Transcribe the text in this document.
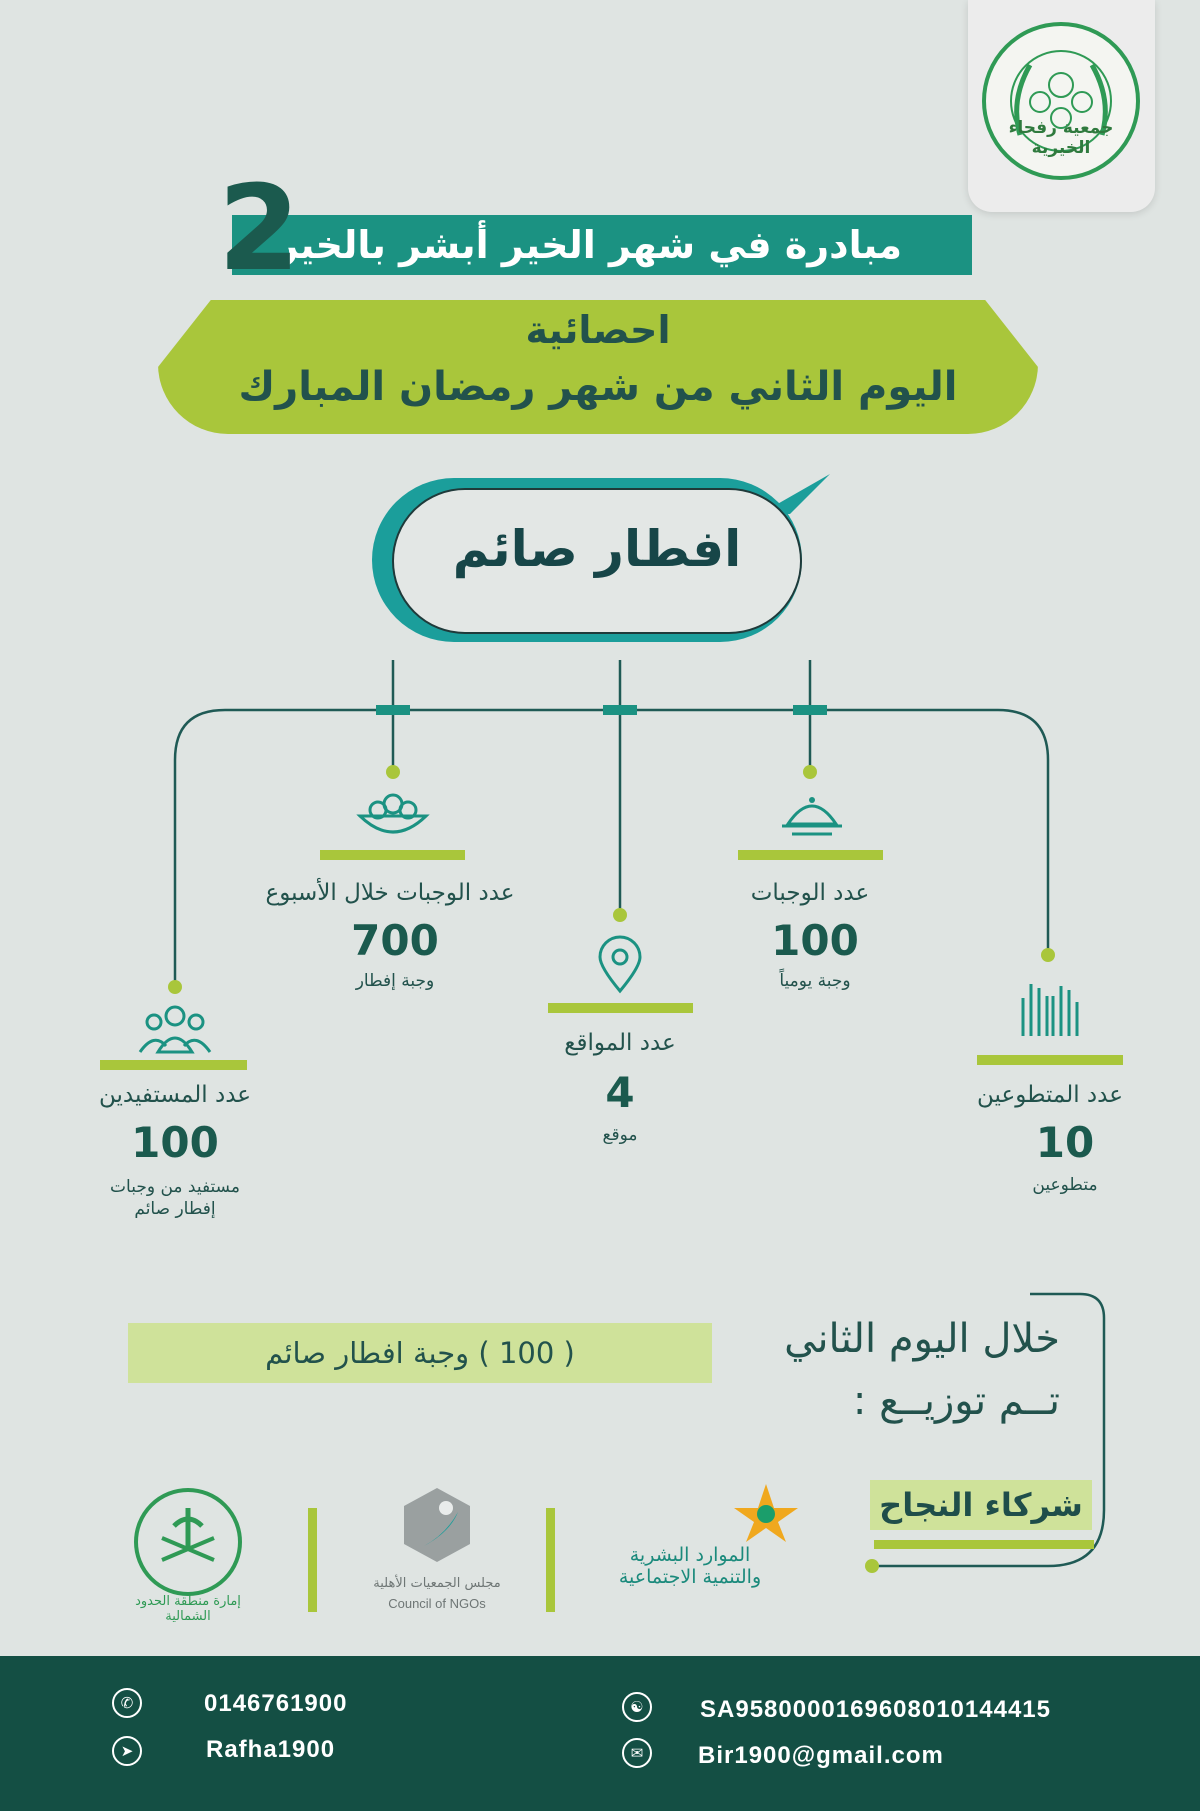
جمعية رفحاء الخيرية
مبادرة في شهر الخير أبشر بالخير
2
احصائية
اليوم الثاني من شهر رمضان المبارك
افطار صائم
عدد الوجبات خلال الأسبوع
700
وجبة إفطار
عدد الوجبات
100
وجبة يومياً
عدد المواقع
4
موقع
عدد المستفيدين
100
مستفيد من وجبات إفطار صائم
عدد المتطوعين
10
متطوعين
( 100 ) وجبة افطار صائم	خلال اليوم الثاني
تــم توزيــع :
شركاء النجاح
الموارد البشرية
والتنمية الاجتماعية
مجلس الجمعيات الأهلية
Council of NGOs
إمارة منطقة الحدود الشمالية
✆	0146761900
➤	Rafha1900
☯	SA9580000169608010144415
✉	Bir1900@gmail.com
